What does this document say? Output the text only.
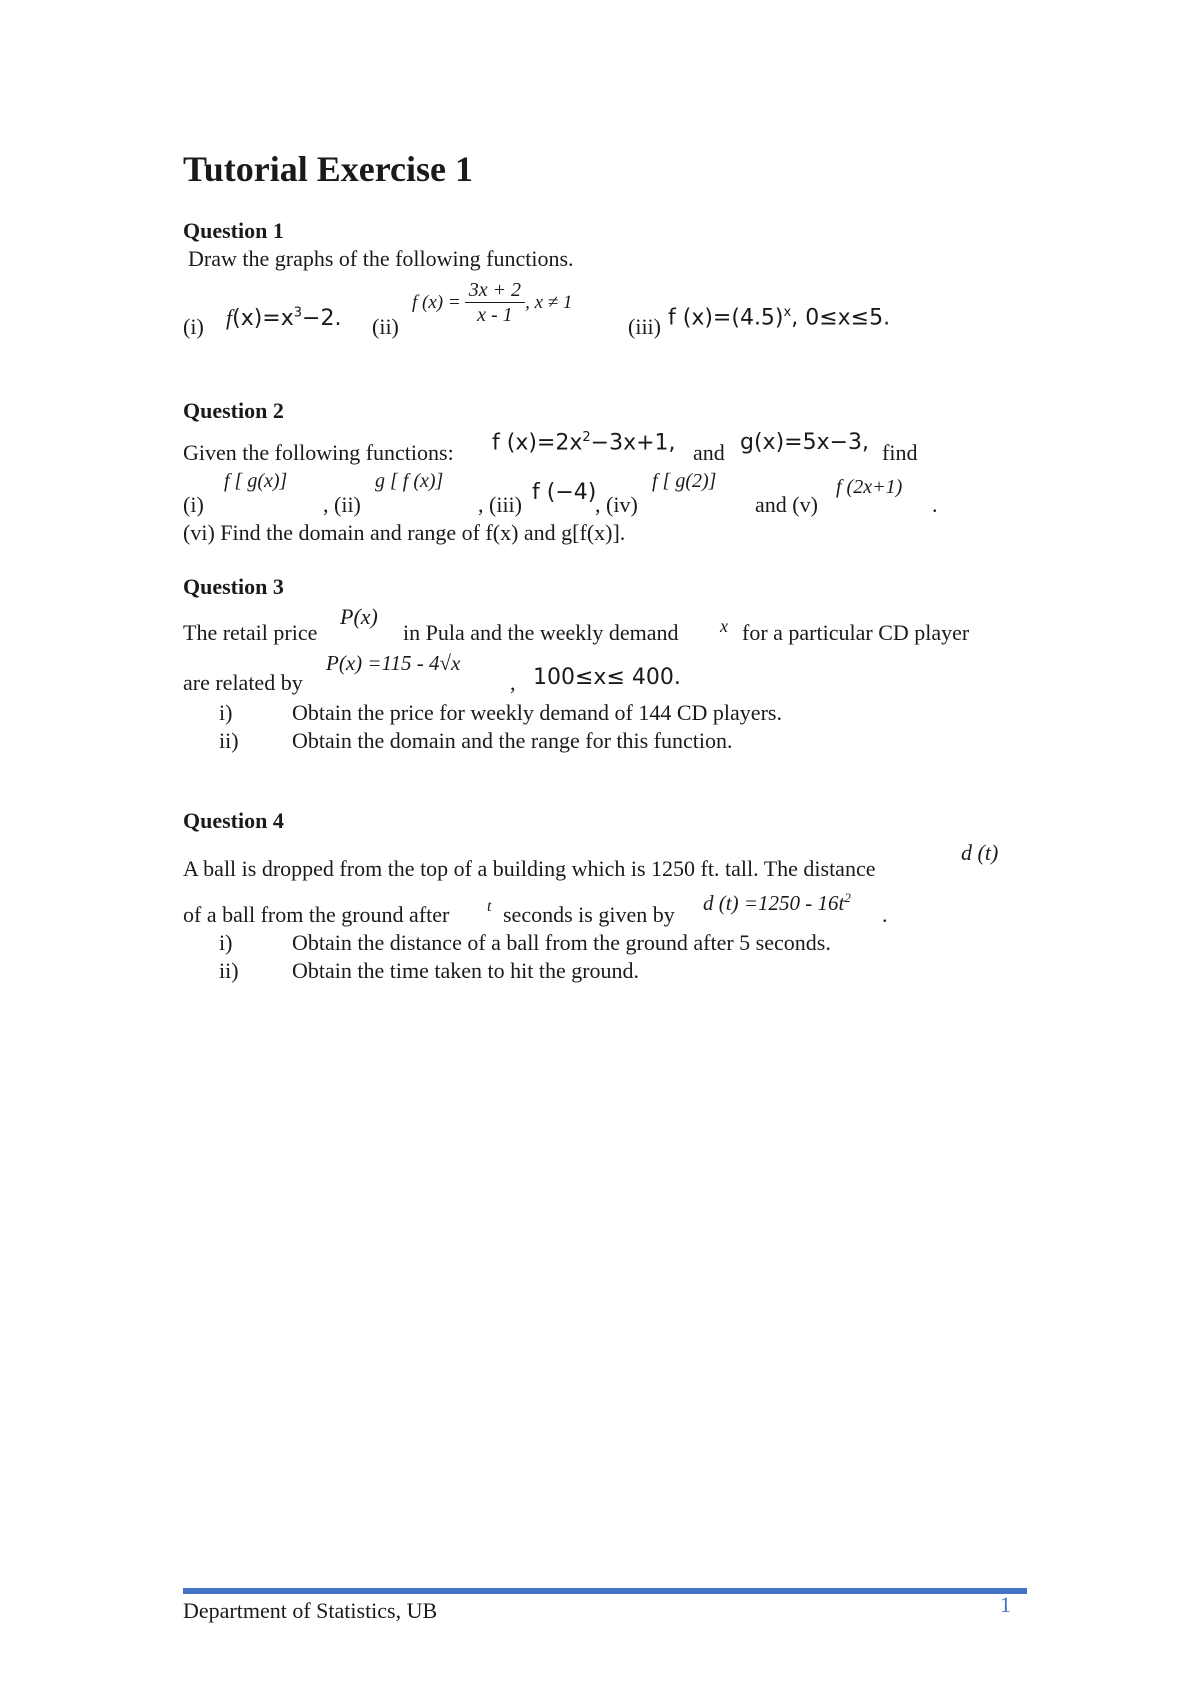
Tutorial Exercise 1
Question 1
Draw the graphs of the following functions.
(i) $f(x)=x^3-2$. (ii)
f $(x) = \frac{3x + 2}{x - 1}$ , x ≠ 1
(iii) f $(x)=(4.5)^x$, 0≤x≤5.
Question 2
Given the following functions: f $(x)=2x^2-3x+1$, and g(x)=5x−3, find
(i)
f [ g(x)]
, (ii)
g [ f (x)]
, (iii) f (−4)
, (iv)
f [ g(2)]
and (v)
f (2x+1)
.
(vi) Find the domain and range of f(x) and g[f(x)].
Question 3
The retail price
P(x)
in Pula and the weekly demand x for a particular CD player
are related by
P(x) =115 - 4√x
, 100≤x≤ 400.
i)	Obtain the price for weekly demand of 144 CD players.
ii) Obtain the domain and the range for this function.
Question 4
A ball is dropped from the top of a building which is 1250 ft. tall. The distance
d (t)
of a ball from the ground after t seconds is given by d $(t) =1250 - 16t^2$
.
i)	Obtain the distance of a ball from the ground after 5 seconds.
ii) Obtain the time taken to hit the ground.
Department of Statistics, UB	1
